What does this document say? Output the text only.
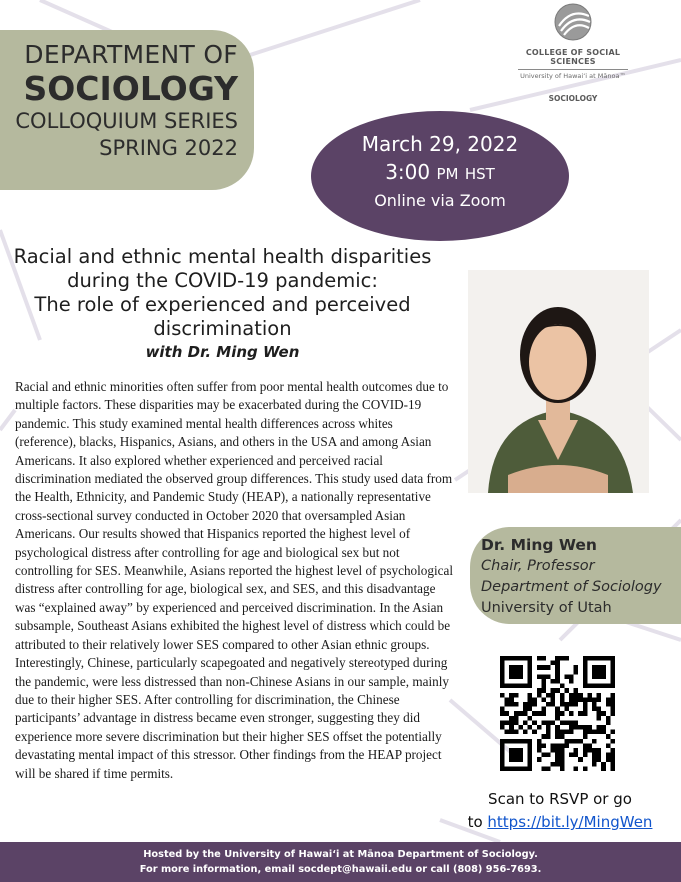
DEPARTMENT OF
SOCIOLOGY
COLLOQUIUM SERIES
SPRING 2022
COLLEGE OF SOCIAL SCIENCES
University of Hawai‘i at Mānoa™
SOCIOLOGY
March 29, 2022
3:00 PM HST
Online via Zoom
Racial and ethnic mental health disparities
during the COVID-19 pandemic:
The role of experienced and perceived
discrimination
with Dr. Ming Wen

Racial and ethnic minorities often suffer from poor mental health outcomes due to multiple factors. These disparities may be exacerbated during the COVID-19 pandemic. This study examined mental health differences across whites (reference), blacks, Hispanics, Asians, and others in the USA and among Asian Americans. It also explored whether experienced and perceived racial discrimination mediated the observed group differences. This study used data from the Health, Ethnicity, and Pandemic Study (HEAP), a nationally representative cross-sectional survey conducted in October 2020 that oversampled Asian Americans. Our results showed that Hispanics reported the highest level of psychological distress after controlling for age and biological sex but not controlling for SES. Meanwhile, Asians reported the highest level of psychological distress after controlling for age, biological sex, and SES, and this disadvantage was “explained away” by experienced and perceived discrimination. In the Asian subsample, Southeast Asians exhibited the highest level of distress which could be attributed to their relatively lower SES compared to other Asian ethnic groups. Interestingly, Chinese, particularly scapegoated and negatively stereotyped during the pandemic, were less distressed than non-Chinese Asians in our sample, mainly due to their higher SES. After controlling for discrimination, the Chinese participants’ advantage in distress became even stronger, suggesting they did experience more severe discrimination but their higher SES offset the potentially devastating mental impact of this stressor. Other findings from the HEAP project will be shared if time permits.

Dr. Ming Wen
Chair, Professor
Department of Sociology
University of Utah
Scan to RSVP or go
to https://bit.ly/MingWen
Hosted by the University of Hawai‘i at Mānoa Department of Sociology.
For more information, email socdept@hawaii.edu or call (808) 956-7693.
